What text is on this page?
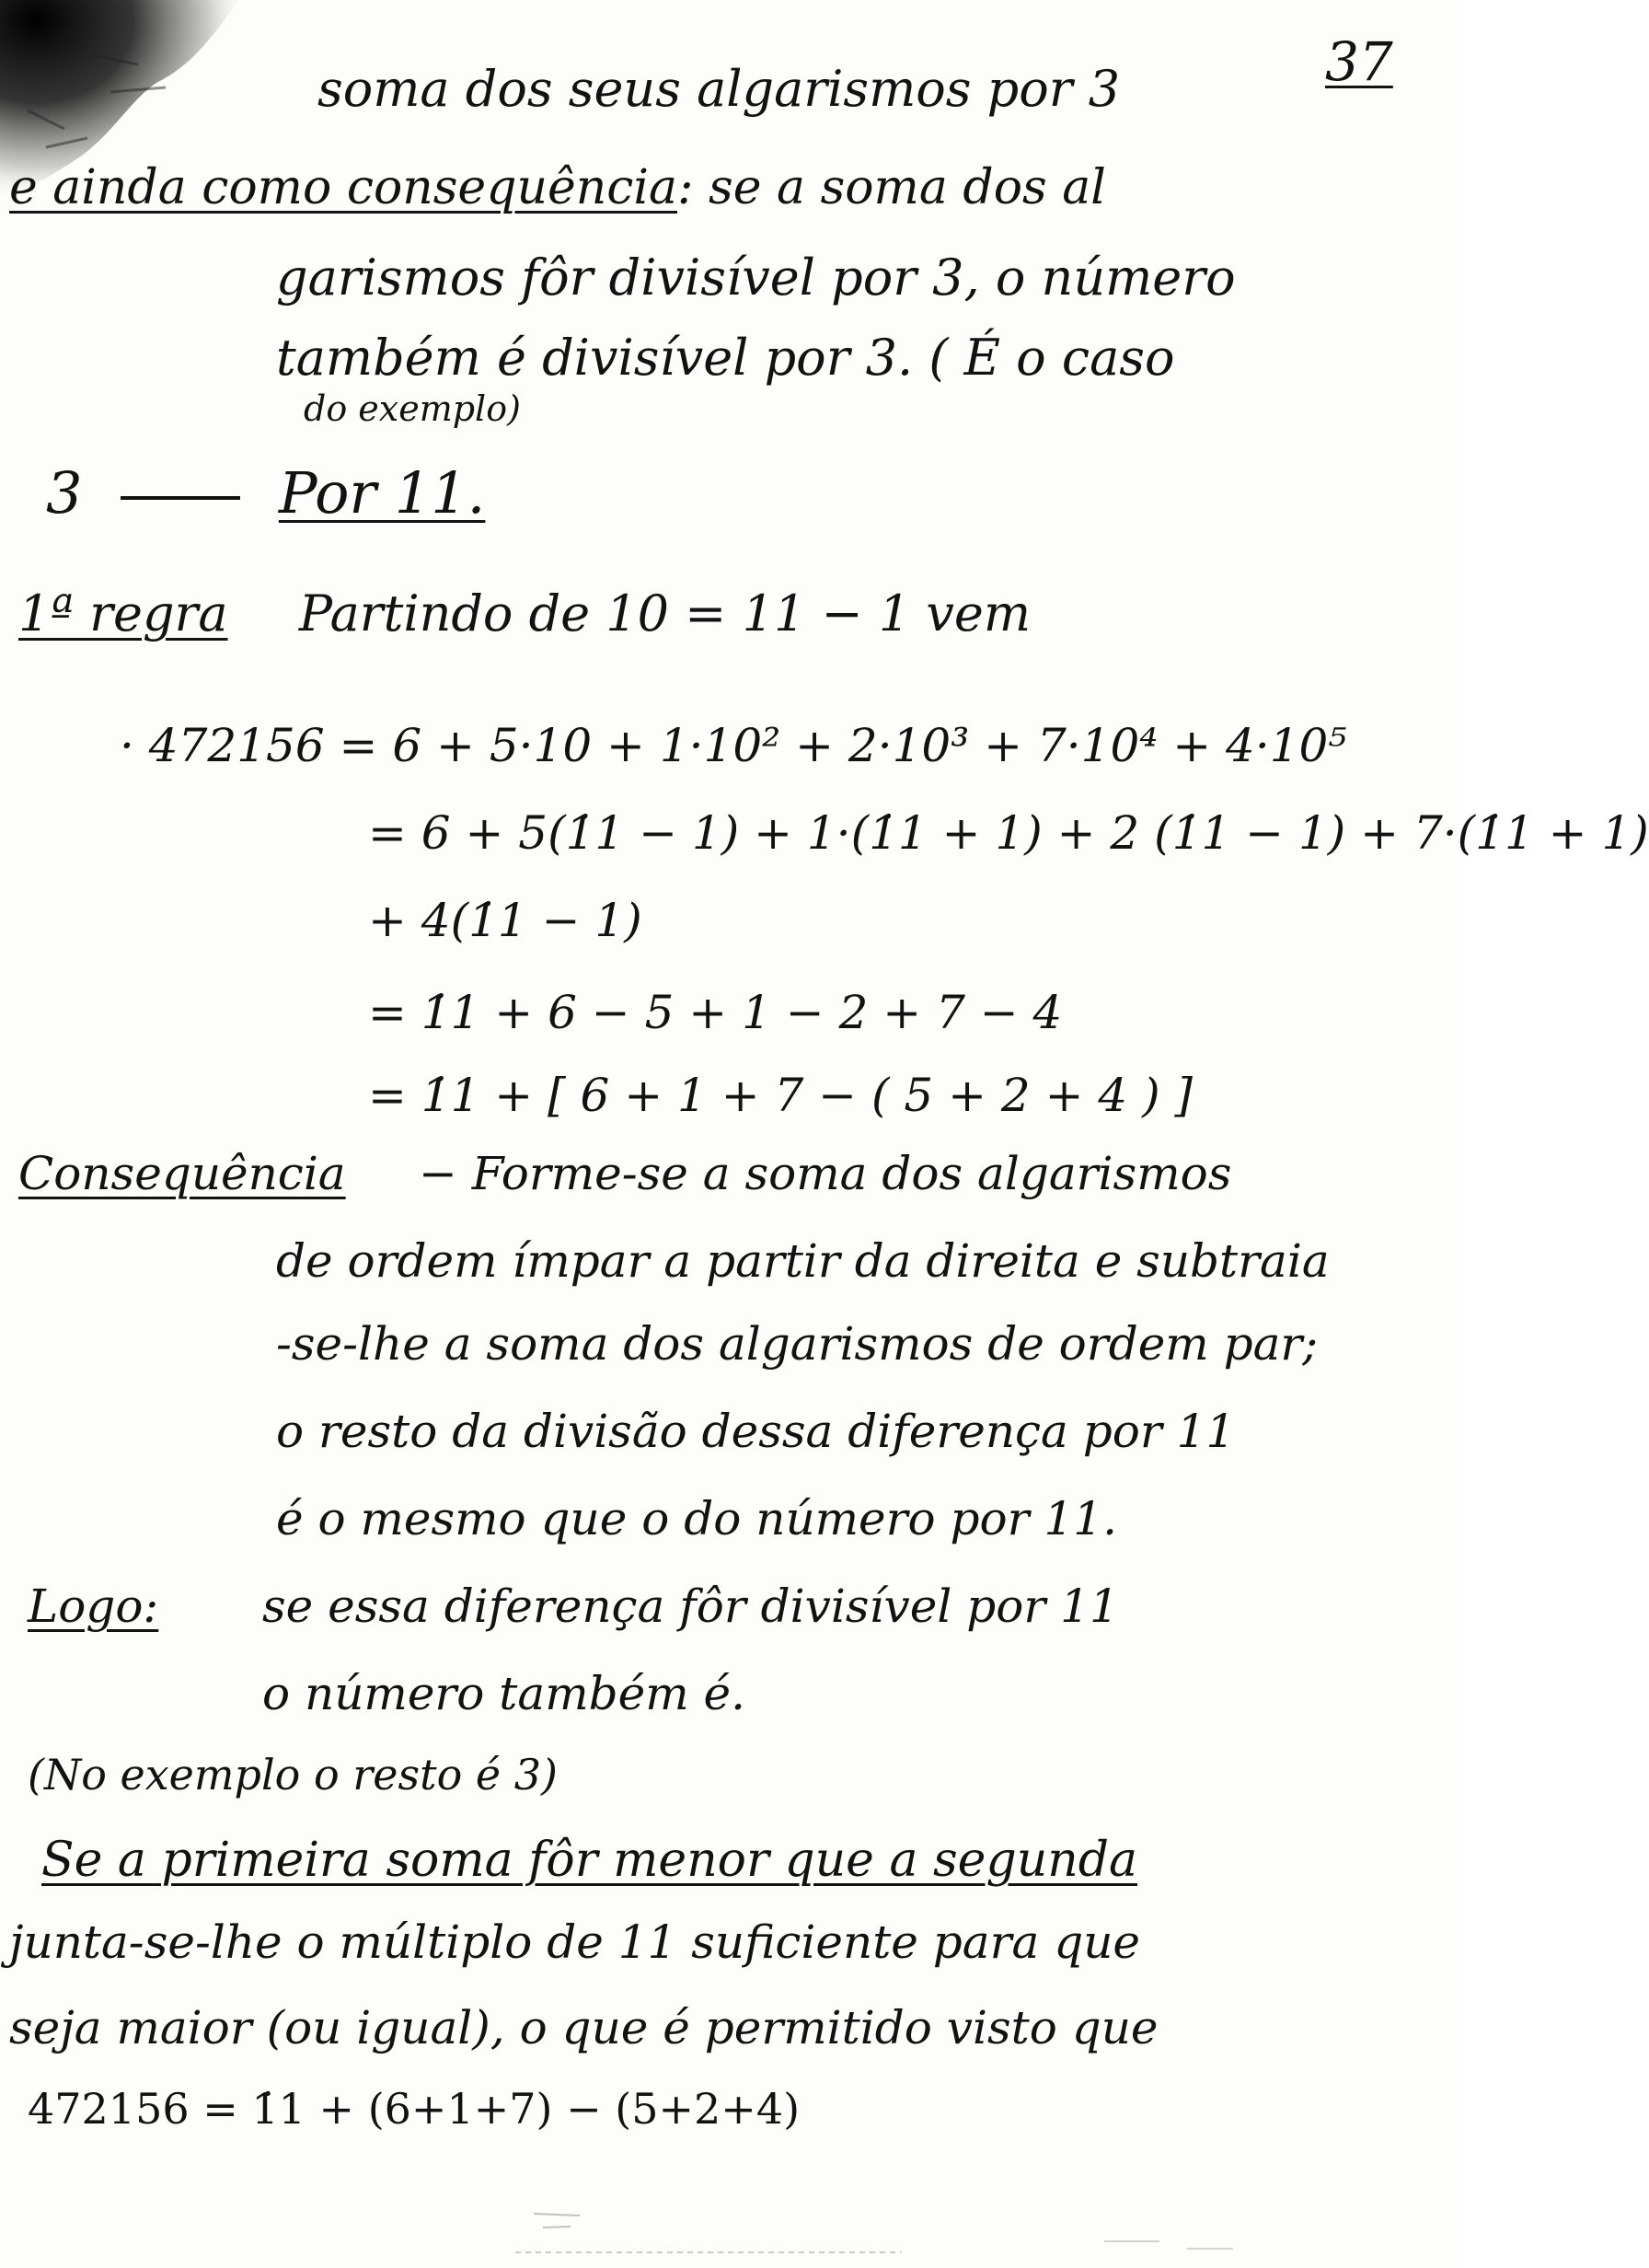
37
soma dos seus algarismos por 3
e ainda como consequência: se a soma dos al
garismos fôr divisível por 3, o número
também é divisível por 3. ( É o caso
do exemplo)
3	Por 11.
1ª regra Partindo de 10 = 11 − 1 vem
· 472156 = 6 + 5·10 + 1·10² + 2·10³ + 7·10⁴ + 4·10⁵
= 6 + 5(1̇1 − 1) + 1·(1̇1 + 1) + 2 (1̇1 − 1) + 7·(1̇1 + 1)
+ 4(1̇1 − 1)
= 1̇1 + 6 − 5 + 1 − 2 + 7 − 4
= 1̇1 + [ 6 + 1 + 7 − ( 5 + 2 + 4 ) ]
Consequência − Forme-se a soma dos algarismos
de ordem ímpar a partir da direita e subtraia
-se-lhe a soma dos algarismos de ordem par;
o resto da divisão dessa diferença por 11
é o mesmo que o do número por 11.
Logo: se essa diferença fôr divisível por 11
o número também é.
(No exemplo o resto é 3)
Se a primeira soma fôr menor que a segunda
junta-se-lhe o múltiplo de 11 suficiente para que
seja maior (ou igual), o que é permitido visto que
472156 = 1̇1 + (6+1+7) − (5+2+4)
